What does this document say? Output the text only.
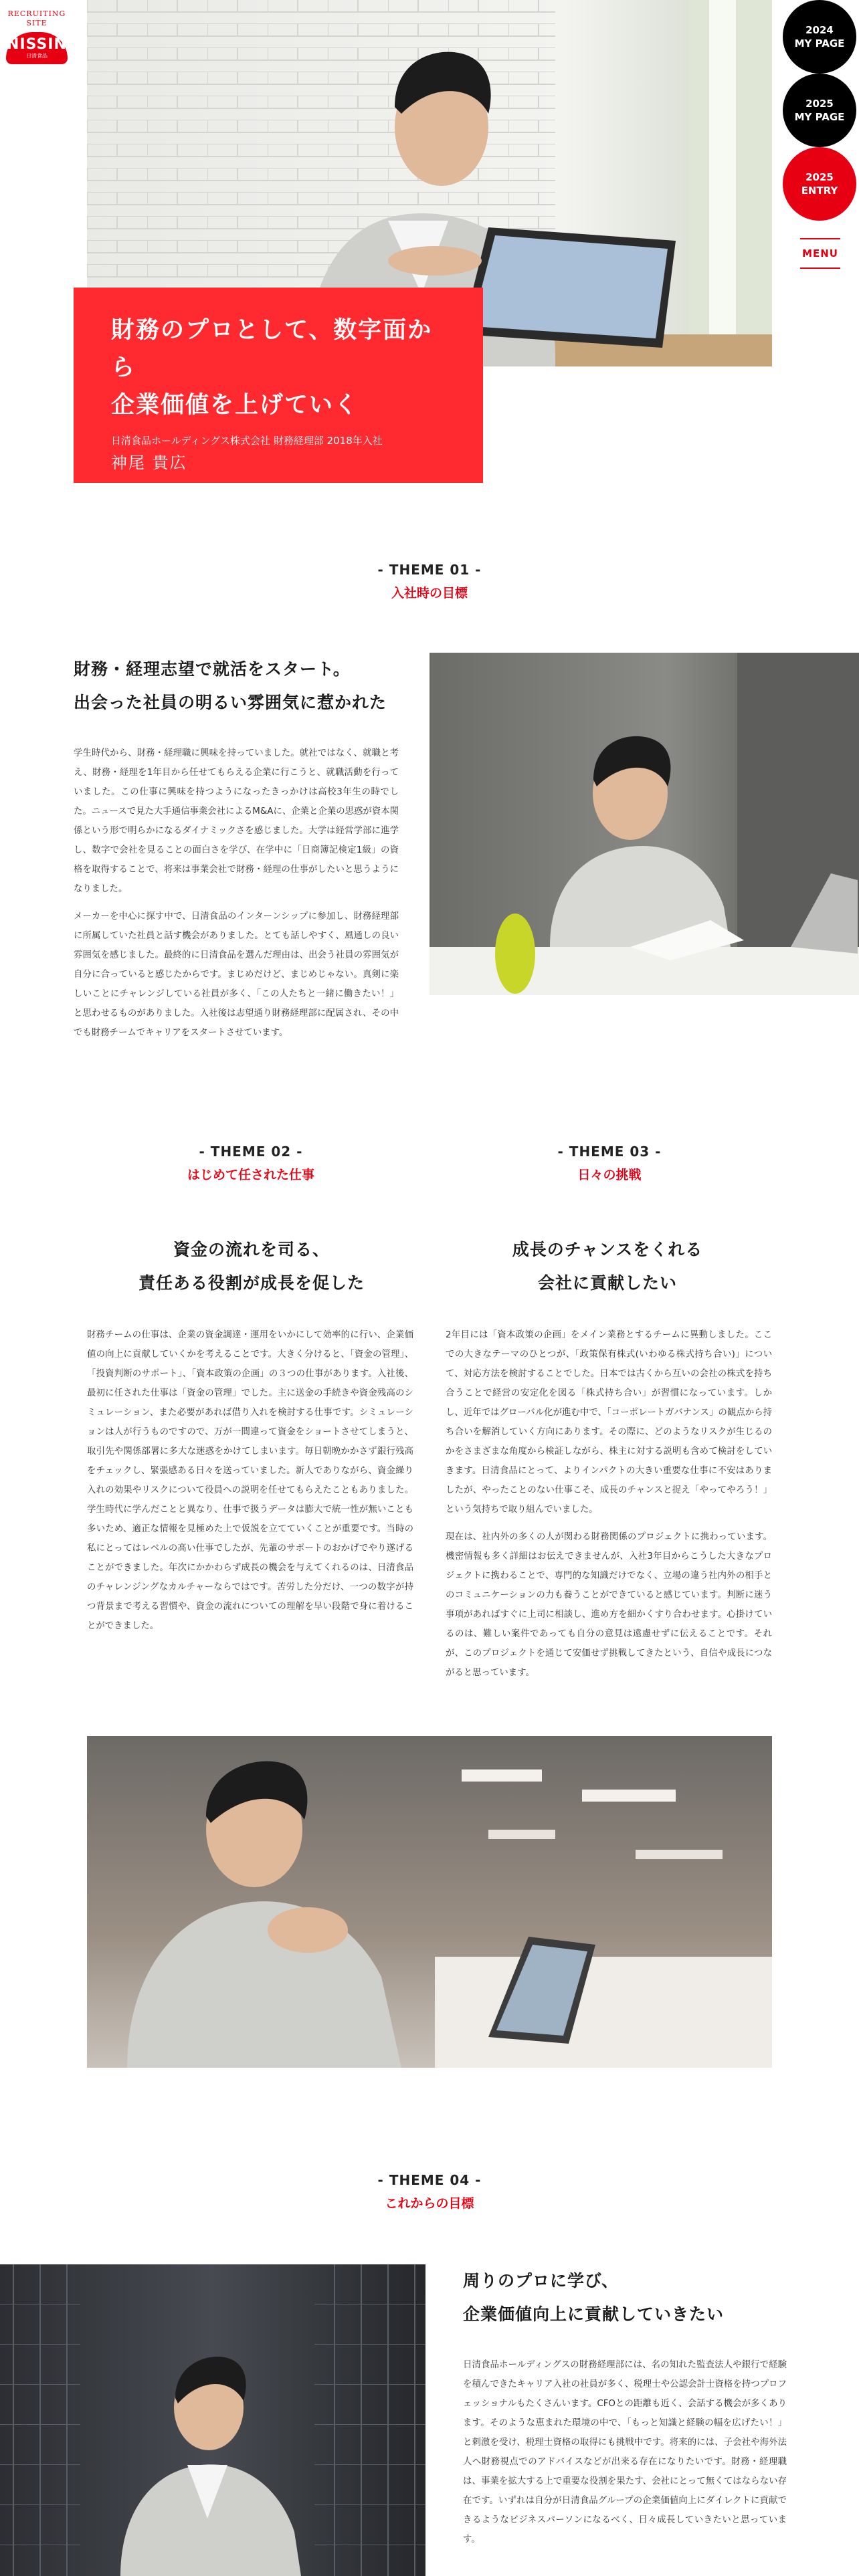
RECRUITING
SITE
NISSIN
日清食品
2024
MY PAGE
2025
MY PAGE
2025
ENTRY
MENU
財務のプロとして、数字面から
企業価値を上げていく
日清食品ホールディングス株式会社 財務経理部 2018年入社
神尾 貴広
※社員の所属は取材当時のものです。
- THEME 01 -
入社時の目標
財務・経理志望で就活をスタート。
出会った社員の明るい雰囲気に惹かれた

学生時代から、財務・経理職に興味を持っていました。就社ではなく、就職と考え、財務・経理を1年目から任せてもらえる企業に行こうと、就職活動を行っていました。この仕事に興味を持つようになったきっかけは高校3年生の時でした。ニュースで見た大手通信事業会社によるM&Aに、企業と企業の思惑が資本関係という形で明らかになるダイナミックさを感じました。大学は経営学部に進学し、数字で会社を見ることの面白さを学び、在学中に「日商簿記検定1級」の資格を取得することで、将来は事業会社で財務・経理の仕事がしたいと思うようになりました。

メーカーを中心に探す中で、日清食品のインターンシップに参加し、財務経理部に所属していた社員と話す機会がありました。とても話しやすく、風通しの良い雰囲気を感じました。最終的に日清食品を選んだ理由は、出会う社員の雰囲気が自分に合っていると感じたからです。まじめだけど、まじめじゃない。真剣に楽しいことにチャレンジしている社員が多く、「この人たちと一緒に働きたい！」と思わせるものがありました。入社後は志望通り財務経理部に配属され、その中でも財務チームでキャリアをスタートさせています。

- THEME 02 -
はじめて任された仕事
- THEME 03 -
日々の挑戦
資金の流れを司る、
責任ある役割が成長を促した
成長のチャンスをくれる
会社に貢献したい

財務チームの仕事は、企業の資金調達・運用をいかにして効率的に行い、企業価値の向上に貢献していくかを考えることです。大きく分けると、「資金の管理」、「投資判断のサポート」、「資本政策の企画」の３つの仕事があります。入社後、最初に任された仕事は「資金の管理」でした。主に送金の手続きや資金残高のシミュレーション、また必要があれば借り入れを検討する仕事です。シミュレーションは人が行うものですので、万が一間違って資金をショートさせてしまうと、取引先や関係部署に多大な迷惑をかけてしまいます。毎日朝晩かかさず銀行残高をチェックし、緊張感ある日々を送っていました。新人でありながら、資金繰り入れの効果やリスクについて役員への説明を任せてもらえたこともありました。学生時代に学んだことと異なり、仕事で扱うデータは膨大で統一性が無いことも多いため、適正な情報を見極めた上で仮説を立てていくことが重要です。当時の私にとってはレベルの高い仕事でしたが、先輩のサポートのおかげでやり遂げることができました。年次にかかわらず成長の機会を与えてくれるのは、日清食品のチャレンジングなカルチャーならではです。苦労した分だけ、一つの数字が持つ背景まで考える習慣や、資金の流れについての理解を早い段階で身に着けることができました。

2年目には「資本政策の企画」をメイン業務とするチームに異動しました。ここでの大きなテーマのひとつが、「政策保有株式(いわゆる株式持ち合い)」について、対応方法を検討することでした。日本では古くから互いの会社の株式を持ち合うことで経営の安定化を図る「株式持ち合い」が習慣になっています。しかし、近年ではグローバル化が進む中で、「コーポレートガバナンス」の観点から持ち合いを解消していく方向にあります。その際に、どのようなリスクが生じるのかをさまざまな角度から検証しながら、株主に対する説明も含めて検討をしていきます。日清食品にとって、よりインパクトの大きい重要な仕事に不安はありましたが、やったことのない仕事こそ、成長のチャンスと捉え「やってやろう！」という気持ちで取り組んでいました。

現在は、社内外の多くの人が関わる財務関係のプロジェクトに携わっています。機密情報も多く詳細はお伝えできませんが、入社3年目からこうした大きなプロジェクトに携わることで、専門的な知識だけでなく、立場の違う社内外の相手とのコミュニケーションの力も養うことができていると感じています。判断に迷う事項があればすぐに上司に相談し、進め方を細かくすり合わせます。心掛けているのは、難しい案件であっても自分の意見は遠慮せずに伝えることです。それが、このプロジェクトを通じて安価せず挑戦してきたという、自信や成長につながると思っています。

- THEME 04 -
これからの目標
周りのプロに学び、
企業価値向上に貢献していきたい

日清食品ホールディングスの財務経理部には、名の知れた監査法人や銀行で経験を積んできたキャリア入社の社員が多く、税理士や公認会計士資格を持つプロフェッショナルもたくさんいます。CFOとの距離も近く、会話する機会が多くあります。そのような恵まれた環境の中で、「もっと知識と経験の幅を広げたい！」と刺激を受け、税理士資格の取得にも挑戦中です。将来的には、子会社や海外法人へ財務視点でのアドバイスなどが出来る存在になりたいです。財務・経理職は、事業を拡大する上で重要な役割を果たす、会社にとって無くてはならない存在です。いずれは自分が日清食品グループの企業価値向上にダイレクトに貢献できるようなビジネスパーソンになるべく、日々成長していきたいと思っています。
